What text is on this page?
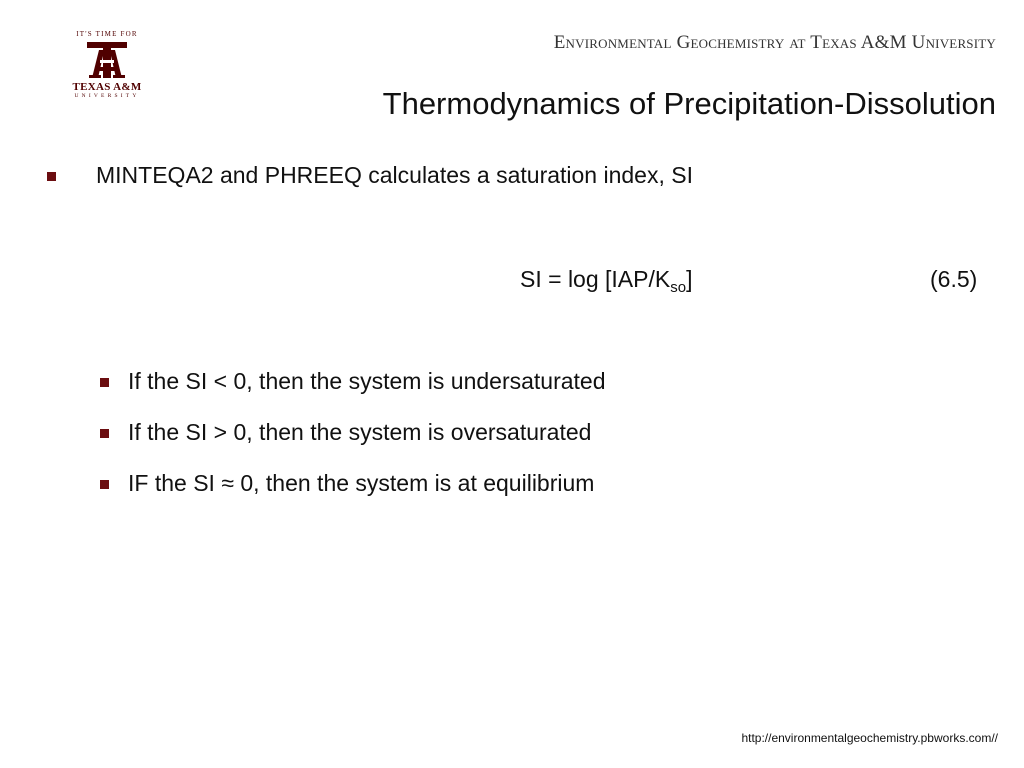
IT'S TIME FOR
TEXAS A&M
UNIVERSITY
Environmental Geochemistry at Texas A&M University
Thermodynamics of Precipitation-Dissolution
MINTEQA2 and PHREEQ calculates a saturation index, SI
SI = $\log [IAP/K_{so}]$	(6.5)
If the SI < 0, then the system is undersaturated
If the SI > 0, then the system is oversaturated
IF the SI ≈ 0, then the system is at equilibrium
http://environmentalgeochemistry.pbworks.com//
